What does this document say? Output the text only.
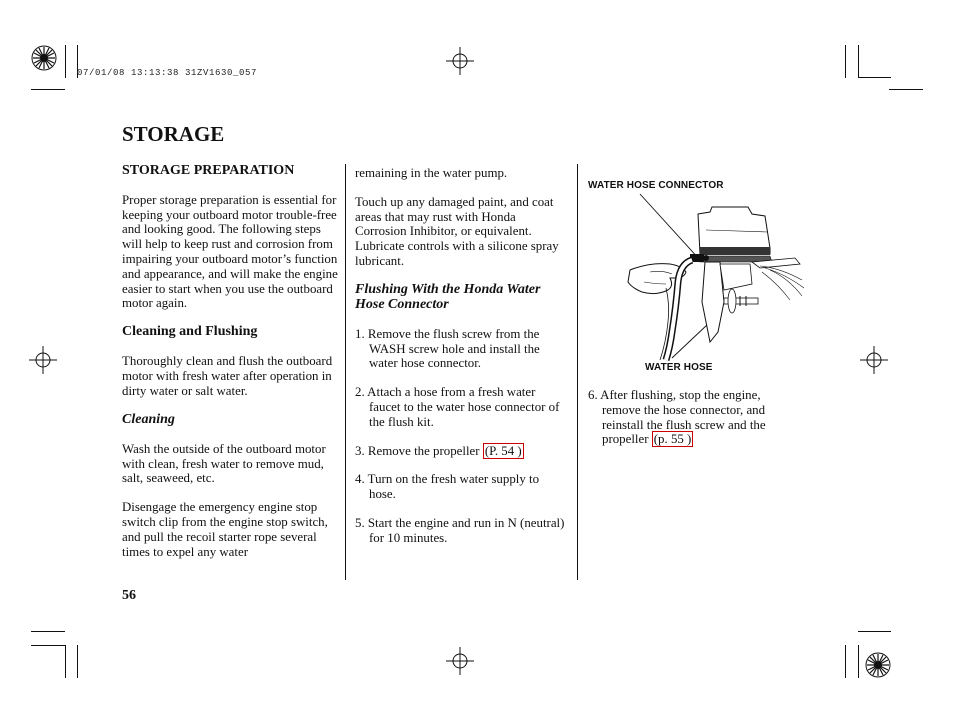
07/01/08 13:13:38 31ZV1630_057
STORAGE

STORAGE PREPARATION

Proper storage preparation is essential for keeping your outboard motor trouble-free and looking good. The following steps will help to keep rust and corrosion from impairing your outboard motor’s function and appearance, and will make the engine easier to start when you use the outboard motor again.

Cleaning and Flushing

Thoroughly clean and flush the outboard motor with fresh water after operation in dirty water or salt water.

Cleaning

Wash the outside of the outboard motor with clean, fresh water to remove mud, salt, seaweed, etc.

Disengage the emergency engine stop switch clip from the engine stop switch, and pull the recoil starter rope several times to expel any water

remaining in the water pump.

Touch up any damaged paint, and coat areas that may rust with Honda Corrosion Inhibitor, or equivalent. Lubricate controls with a silicone spray lubricant.

Flushing With the Honda Water Hose Connector

1. Remove the flush screw from the WASH screw hole and install the water hose connector.

2. Attach a hose from a fresh water faucet to the water hose connector of the flush kit.

3. Remove the propeller (P. 54 )

4. Turn on the fresh water supply to hose.

5. Start the engine and run in N (neutral) for 10 minutes.

WATER HOSE CONNECTOR
WATER HOSE

6. After flushing, stop the engine, remove the hose connector, and reinstall the flush screw and the propeller (p. 55 )

56
